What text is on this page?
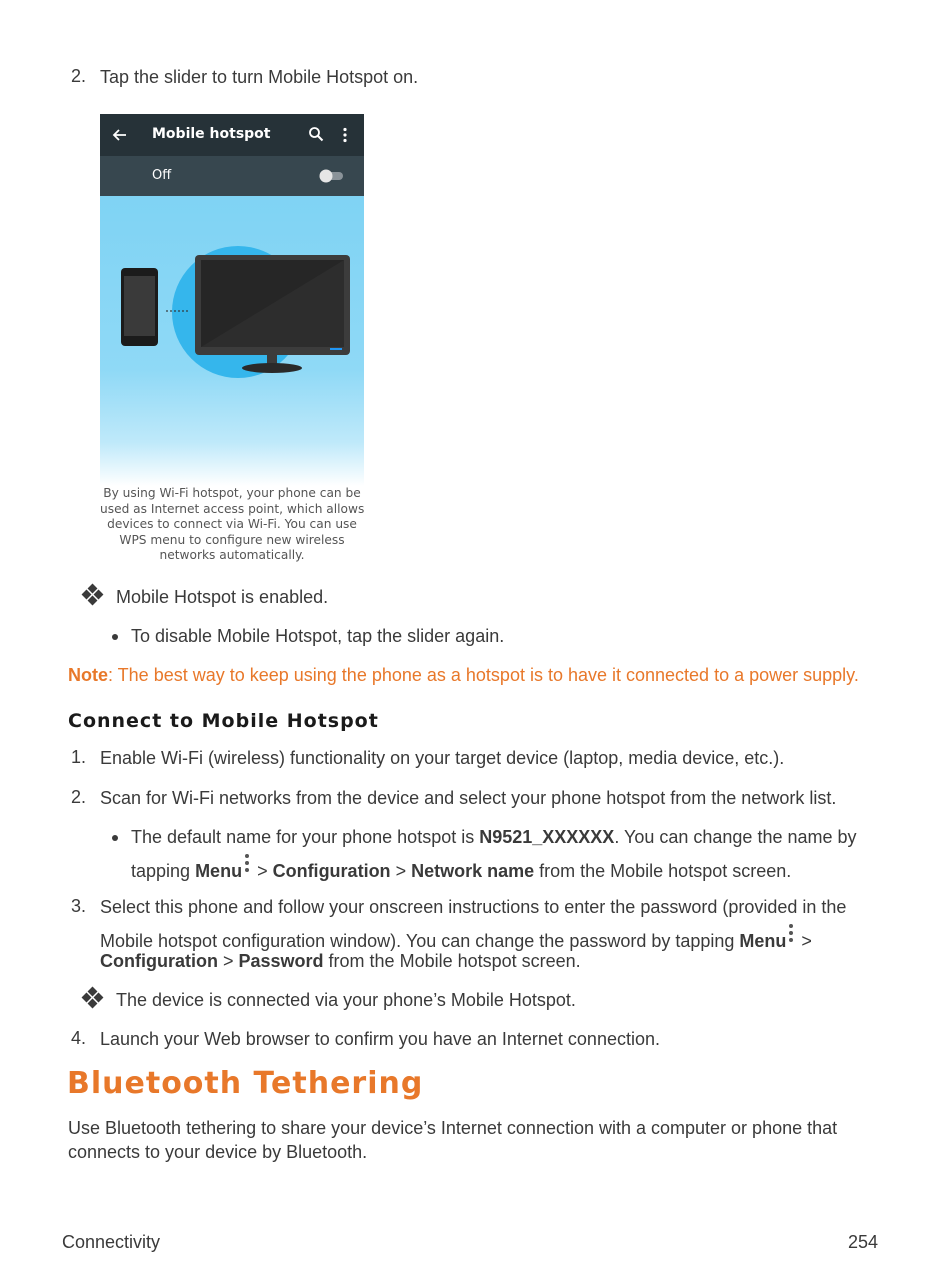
2. Tap the slider to turn Mobile Hotspot on.
Mobile hotspot
Off
By using Wi-Fi hotspot, your phone can be
used as Internet access point, which allows
devices to connect via Wi-Fi. You can use
WPS menu to configure new wireless
networks automatically.
Mobile Hotspot is enabled.
To disable Mobile Hotspot, tap the slider again.
Note: The best way to keep using the phone as a hotspot is to have it connected to a power supply.
Connect to Mobile Hotspot
1. Enable Wi-Fi (wireless) functionality on your target device (laptop, media device, etc.).
2. Scan for Wi-Fi networks from the device and select your phone hotspot from the network list.
The default name for your phone hotspot is N9521_XXXXXX. You can change the name by
tapping Menu
> Configuration > Network name from the Mobile hotspot screen.
3. Select this phone and follow your onscreen instructions to enter the password (provided in the
Mobile hotspot configuration window). You can change the password by tapping Menu
>
Configuration > Password from the Mobile hotspot screen.
The device is connected via your phone’s Mobile Hotspot.
4. Launch your Web browser to confirm you have an Internet connection.
Bluetooth Tethering
Use Bluetooth tethering to share your device’s Internet connection with a computer or phone that
connects to your device by Bluetooth.
Connectivity	254
